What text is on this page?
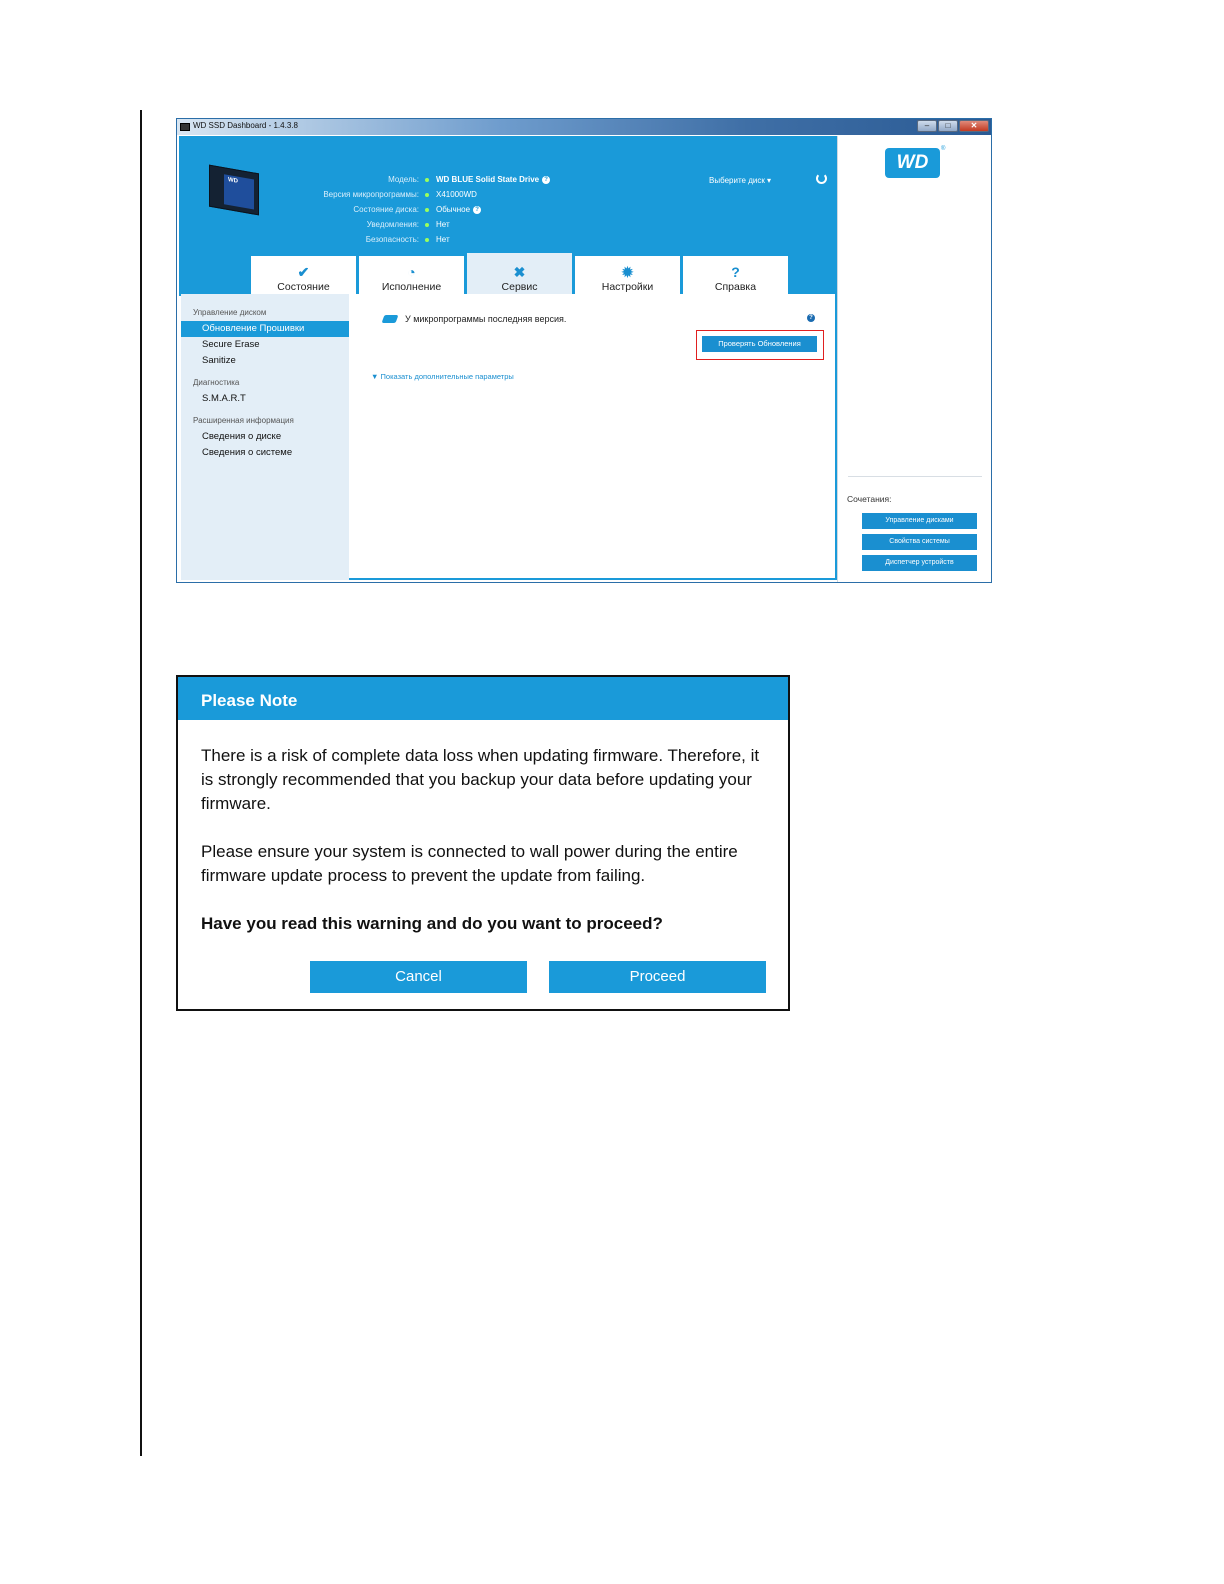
WD SSD Dashboard - 1.4.3.8	–	□	✕
WD
Модель: WD BLUE Solid State Drive ?
Версия микропрограммы: X41000WD
Состояние диска: Обычное ?
Уведомления: Нет
Безопасность: Нет
Выберите диск ▾
✔
Состояние
◔
Исполнение
✖
Сервис
✹
Настройки
?
Справка
Управление диском
Обновление Прошивки
Secure Erase
Sanitize
Диагностика
S.M.A.R.T
Расширенная информация
Сведения о диске
Сведения о системе
У микропрограммы последняя версия.	?
Проверять Обновления
▼ Показать дополнительные параметры
WD
®
Сочетания:
Управление дисками
Свойства системы
Диспетчер устройств
Please Note

There is a risk of complete data loss when updating firmware. Therefore, it is strongly recommended that you backup your data before updating your firmware.

Please ensure your system is connected to wall power during the entire firmware update process to prevent the update from failing.

Have you read this warning and do you want to proceed?

Cancel	Proceed
